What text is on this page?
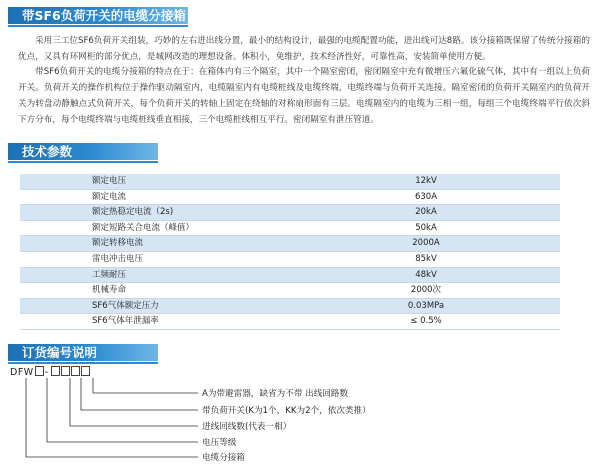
带SF6负荷开关的电缆分接箱

采用三工位SF6负荷开关组装，巧妙的左右进出线分置，最小的结构设计，最强的电缆配置功能，进出线可达8路。该分接箱既保留了传统分接箱的优点，又具有环网柜的部分优点，是城网改造的理想设备。体积小，免维护，技术经济性好，可靠性高，安装简单使用方便。

带SF6负荷开关的电缆分接箱的特点在于：在箱体内有三个隔室，其中一个隔室密闭，密闭隔室中充有微增压六氟化硫气体，其中有一组以上负荷开关。负荷开关的操作机构位于操作驱动隔室内，电缆隔室内有电缆桩线及电缆终端，电缆终端与负荷开关连接。隔室密闭的负荷开关隔室内的负荷开关为转盘动静触点式负荷开关，每个负荷开关的转轴上固定在绕轴的对称扇形面有三层。电缆隔室内的电缆为三相一组，每组三个电缆终端平行依次斜下方分布，每个电缆终端与电缆桩线垂直相接，三个电缆桩线相互平行。密闭隔室有泄压管道。

技术参数
额定电压	12kV
额定电流	630A
额定热稳定电流（2s)	20kA
额定短路关合电流（峰值）	50kA
额定转移电流	2000A
雷电冲击电压	85kV
工频耐压	48kV
机械寿命	2000次
SF6气体额定压力	0.03MPa
SF6气体年泄漏率	≤ 0.5%
订货编号说明
DFW -
A为带避雷器，缺省为不带 出线回路数
带负荷开关(K为1个，KK为2个，依次类推）
进线回线数(代表一相）
电压等级
电缆分接箱
